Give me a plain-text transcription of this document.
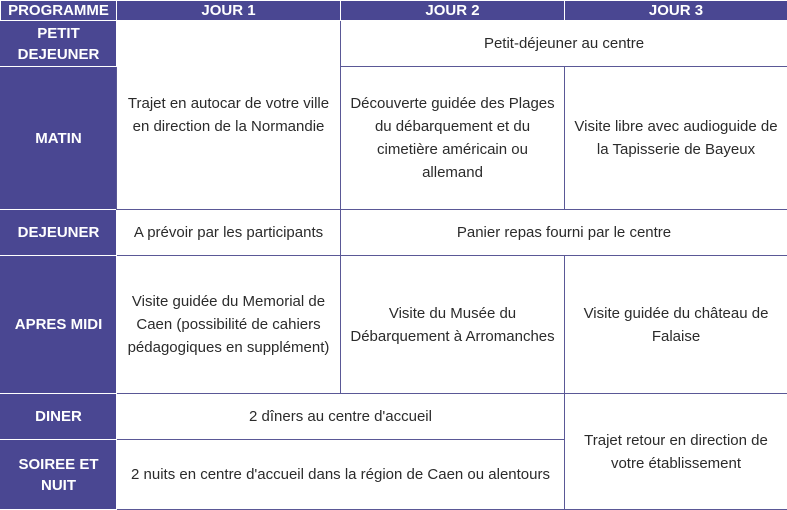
PROGRAMME	JOUR 1	JOUR 2	JOUR 3
PETIT DEJEUNER	Trajet en autocar de votre ville en direction de la Normandie	Petit-déjeuner au centre	
MATIN		Découverte guidée des Plages du débarquement et du cimetière américain ou allemand	Visite libre avec audioguide de la Tapisserie de Bayeux
DEJEUNER	A prévoir par les participants	Panier repas fourni par le centre	
APRES MIDI	Visite guidée du Memorial de Caen (possibilité de cahiers pédagogiques en supplément)	Visite du Musée du Débarquement à Arromanches	Visite guidée du château de Falaise
DINER	2 dîners au centre d'accueil		Trajet retour en direction de votre établissement
SOIREE ET NUIT	2 nuits en centre d'accueil dans la région de Caen ou alentours		
